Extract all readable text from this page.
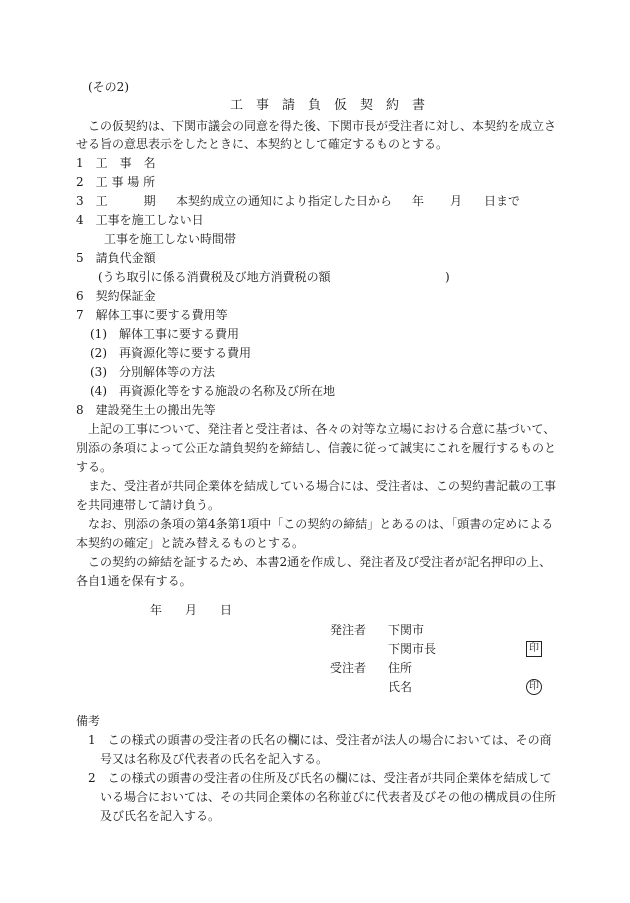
(その2)
工　事　請　負　仮　契　約　書
この仮契約は、下関市議会の同意を得た後、下関市長が受注者に対し、本契約を成立さ
せる旨の意思表示をしたときに、本契約として確定するものとする。
1　工　事　名
2　工 事 場 所
3　工　　　期 本契約成立の通知により指定した日から 年 月 日まで
4　工事を施工しない日
工事を施工しない時間帯
5　請負代金額
(うち取引に係る消費税及び地方消費税の額	)
6　契約保証金
7　解体工事に要する費用等
(1)　解体工事に要する費用
(2)　再資源化等に要する費用
(3)　分別解体等の方法
(4)　再資源化等をする施設の名称及び所在地
8　建設発生土の搬出先等
上記の工事について、発注者と受注者は、各々の対等な立場における合意に基づいて、
別添の条項によって公正な請負契約を締結し、信義に従って誠実にこれを履行するものと
する。
また、受注者が共同企業体を結成している場合には、受注者は、この契約書記載の工事
を共同連帯して請け負う。
なお、別添の条項の第4条第1項中「この契約の締結」とあるのは、「頭書の定めによる
本契約の確定」と読み替えるものとする。
この契約の締結を証するため、本書2通を作成し、発注者及び受注者が記名押印の上、
各自1通を保有する。
年 月 日
発注者 下関市
下関市長	印
受注者 住所
氏名	印
備考
1　この様式の頭書の受注者の氏名の欄には、受注者が法人の場合においては、その商
号又は名称及び代表者の氏名を記入する。
2　この様式の頭書の受注者の住所及び氏名の欄には、受注者が共同企業体を結成して
いる場合においては、その共同企業体の名称並びに代表者及びその他の構成員の住所
及び氏名を記入する。
